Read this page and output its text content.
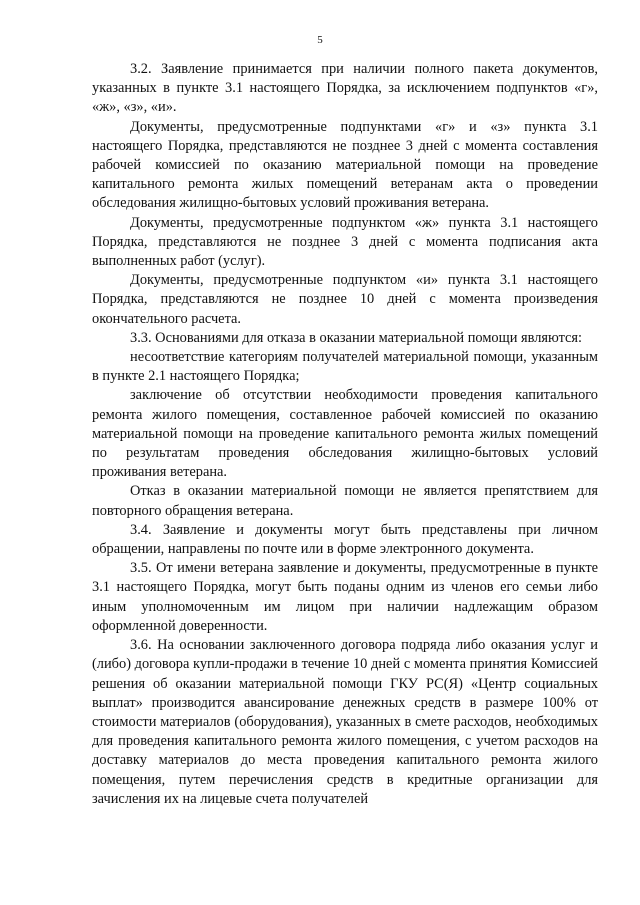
5

3.2. Заявление принимается при наличии полного пакета документов, указанных в пункте 3.1 настоящего Порядка, за исключением подпунктов «г», «ж», «з», «и».

Документы, предусмотренные подпунктами «г» и «з» пункта 3.1 настоящего Порядка, представляются не позднее 3 дней с момента составления рабочей комиссией по оказанию материальной помощи на проведение капитального ремонта жилых помещений ветеранам акта о проведении обследования жилищно-бытовых условий проживания ветерана.

Документы, предусмотренные подпунктом «ж» пункта 3.1 настоящего Порядка, представляются не позднее 3 дней с момента подписания акта выполненных работ (услуг).

Документы, предусмотренные подпунктом «и» пункта 3.1 настоящего Порядка, представляются не позднее 10 дней с момента произведения окончательного расчета.

3.3. Основаниями для отказа в оказании материальной помощи являются:

несоответствие категориям получателей материальной помощи, указанным в пункте 2.1 настоящего Порядка;

заключение об отсутствии необходимости проведения капитального ремонта жилого помещения, составленное рабочей комиссией по оказанию материальной помощи на проведение капитального ремонта жилых помещений по результатам проведения обследования жилищно-бытовых условий проживания ветерана.

Отказ в оказании материальной помощи не является препятствием для повторного обращения ветерана.

3.4. Заявление и документы могут быть представлены при личном обращении, направлены по почте или в форме электронного документа.

3.5. От имени ветерана заявление и документы, предусмотренные в пункте 3.1 настоящего Порядка, могут быть поданы одним из членов его семьи либо иным уполномоченным им лицом при наличии надлежащим образом оформленной доверенности.

3.6. На основании заключенного договора подряда либо оказания услуг и (либо) договора купли-продажи в течение 10 дней с момента принятия Комиссией решения об оказании материальной помощи ГКУ РС(Я) «Центр социальных выплат» производится авансирование денежных средств в размере 100% от стоимости материалов (оборудования), указанных в смете расходов, необходимых для проведения капитального ремонта жилого помещения, с учетом расходов на доставку материалов до места проведения капитального ремонта жилого помещения, путем перечисления средств в кредитные организации для зачисления их на лицевые счета получателей
